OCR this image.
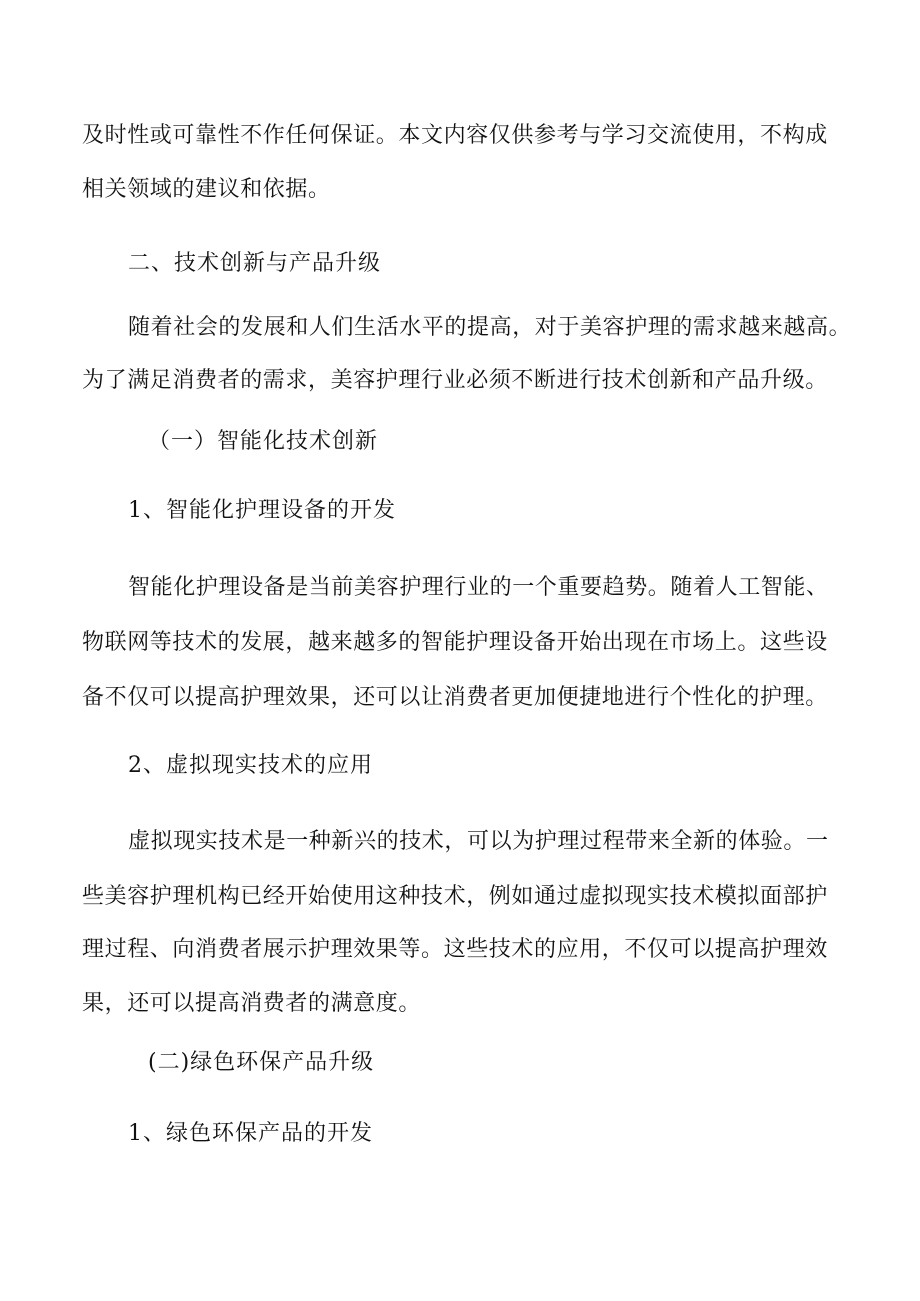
及时性或可靠性不作任何保证。本文内容仅供参考与学习交流使用，不构成
相关领域的建议和依据。
二、技术创新与产品升级
随着社会的发展和人们生活水平的提高，对于美容护理的需求越来越高。
为了满足消费者的需求，美容护理行业必须不断进行技术创新和产品升级。
（一）智能化技术创新
1、智能化护理设备的开发
智能化护理设备是当前美容护理行业的一个重要趋势。随着人工智能、
物联网等技术的发展，越来越多的智能护理设备开始出现在市场上。这些设
备不仅可以提高护理效果，还可以让消费者更加便捷地进行个性化的护理。
2、虚拟现实技术的应用
虚拟现实技术是一种新兴的技术，可以为护理过程带来全新的体验。一
些美容护理机构已经开始使用这种技术，例如通过虚拟现实技术模拟面部护
理过程、向消费者展示护理效果等。这些技术的应用，不仅可以提高护理效
果，还可以提高消费者的满意度。
(二)绿色环保产品升级
1、绿色环保产品的开发
